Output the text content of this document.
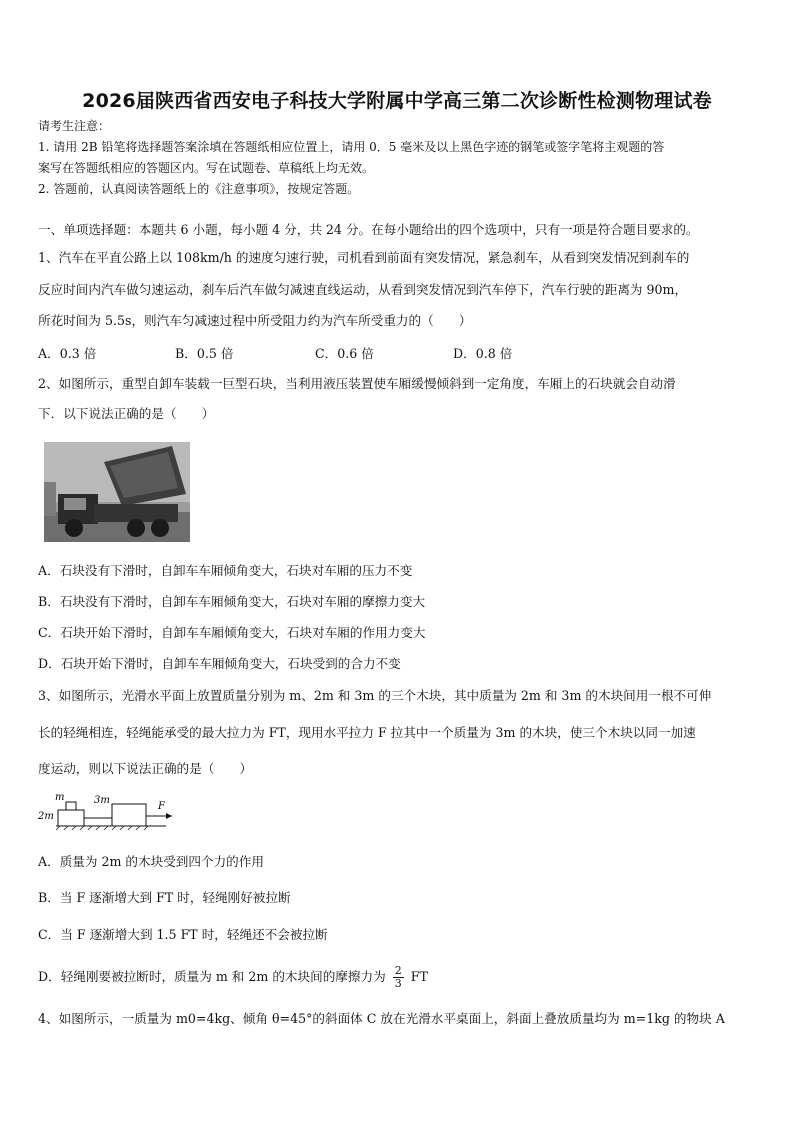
2026届陕西省西安电子科技大学附属中学高三第二次诊断性检测物理试卷
请考生注意：
1. 请用 2B 铅笔将选择题答案涂填在答题纸相应位置上，请用 0．5 毫米及以上黑色字迹的钢笔或签字笔将主观题的答
案写在答题纸相应的答题区内。写在试题卷、草稿纸上均无效。
2. 答题前，认真阅读答题纸上的《注意事项》，按规定答题。
一、单项选择题：本题共 6 小题，每小题 4 分，共 24 分。在每小题给出的四个选项中，只有一项是符合题目要求的。
1、汽车在平直公路上以 108km/h 的速度匀速行驶，司机看到前面有突发情况，紧急刹车，从看到突发情况到刹车的
反应时间内汽车做匀速运动，刹车后汽车做匀减速直线运动，从看到突发情况到汽车停下，汽车行驶的距离为 90m，
所花时间为 5.5s，则汽车匀减速过程中所受阻力约为汽车所受重力的（　　）
A．0.3 倍	B．0.5 倍	C．0.6 倍	D．0.8 倍
2、如图所示，重型自卸车装载一巨型石块，当利用液压装置使车厢缓慢倾斜到一定角度，车厢上的石块就会自动滑
下．以下说法正确的是（　　）
A．石块没有下滑时，自卸车车厢倾角变大，石块对车厢的压力不变
B．石块没有下滑时，自卸车车厢倾角变大，石块对车厢的摩擦力变大
C．石块开始下滑时，自卸车车厢倾角变大，石块对车厢的作用力变大
D．石块开始下滑时，自卸车车厢倾角变大，石块受到的合力不变
3、如图所示，光滑水平面上放置质量分别为 m、2m 和 3m 的三个木块，其中质量为 2m 和 3m 的木块间用一根不可伸
长的轻绳相连，轻绳能承受的最大拉力为 FT，现用水平拉力 F 拉其中一个质量为 3m 的木块，使三个木块以同一加速
度运动，则以下说法正确的是（　　）
m
2m
3m
F
A．质量为 2m 的木块受到四个力的作用
B．当 F 逐渐增大到 FT 时，轻绳刚好被拉断
C．当 F 逐渐增大到 1.5 FT 时，轻绳还不会被拉断
D．轻绳刚要被拉断时，质量为 m 和 2m 的木块间的摩擦力为 $\frac{2}{3}$ FT
4、如图所示，一质量为 m0=4kg、倾角 θ=45°的斜面体 C 放在光滑水平桌面上，斜面上叠放质量均为 m=1kg 的物块 A
